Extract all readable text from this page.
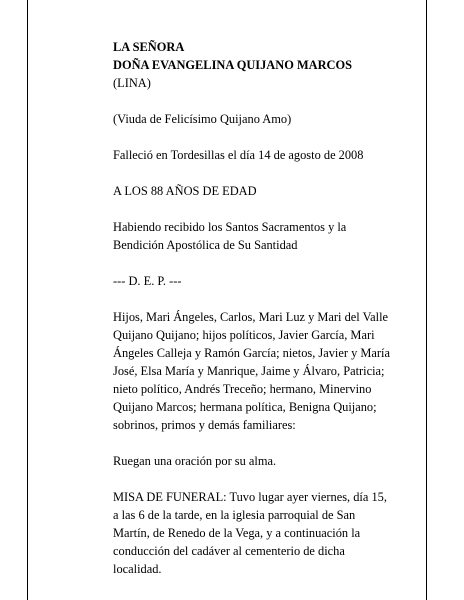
LA SEÑORA
DOÑA EVANGELINA QUIJANO MARCOS
(LINA)

(Viuda de Felicísimo Quijano Amo)

Falleció en Tordesillas el día 14 de agosto de 2008

A LOS 88 AÑOS DE EDAD

Habiendo recibido los Santos Sacramentos y la
Bendición Apostólica de Su Santidad

--- D. E. P. ---

Hijos, Mari Ángeles, Carlos, Mari Luz y Mari del Valle
Quijano Quijano; hijos políticos, Javier García, Mari
Ángeles Calleja y Ramón García; nietos, Javier y María
José, Elsa María y Manrique, Jaime y Álvaro, Patricia;
nieto político, Andrés Treceño; hermano, Minervino
Quijano Marcos; hermana política, Benigna Quijano;
sobrinos, primos y demás familiares:

Ruegan una oración por su alma.

MISA DE FUNERAL: Tuvo lugar ayer viernes, día 15,
a las 6 de la tarde, en la iglesia parroquial de San
Martín, de Renedo de la Vega, y a continuación la
conducción del cadáver al cementerio de dicha
localidad.
